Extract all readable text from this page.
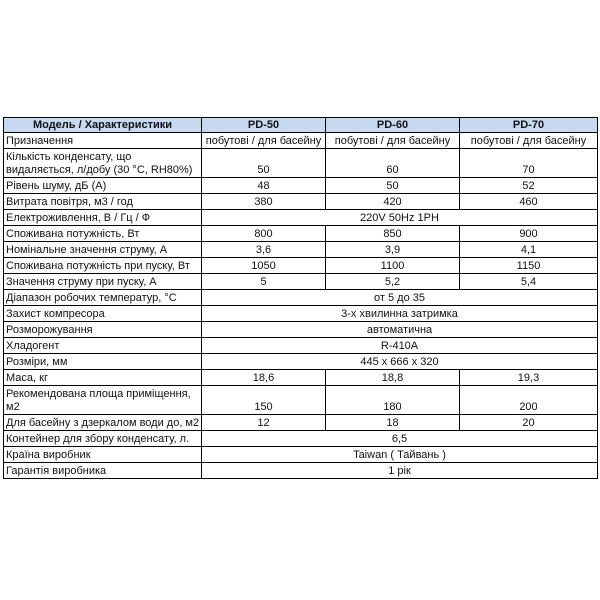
Модель / Характеристики	PD-50	PD-60	PD-70
Призначення	побутові / для басейну	побутові / для басейну	побутові / для басейну
Кількість конденсату, що видаляється, л/добу (30 °С, RH80%)	50	60	70
Рівень шуму, дБ (А)	48	50	52
Витрата повітря, м3 / год	380	420	460
Електроживлення, В / Гц / Ф	220V 50Hz 1PH		
Споживана потужність, Вт	800	850	900
Номінальне значення струму, А	3,6	3,9	4,1
Споживана потужність при пуску, Вт	1050	1100	1150
Значення струму при пуску, А	5	5,2	5,4
Діапазон робочих температур, °С	от 5 до 35		
Захист компресора	3-х хвилинна затримка		
Розморожування	автоматична		
Хладогент	R-410A		
Розміри, мм	445 х 666 х 320		
Маса, кг	18,6	18,8	19,3
Рекомендована площа приміщення, м2	150	180	200
Для басейну з дзеркалом води до, м2	12	18	20
Контейнер для збору конденсату, л.	6,5		
Країна виробник	Taiwan ( Тайвань )		
Гарантія виробника	1 рік		
